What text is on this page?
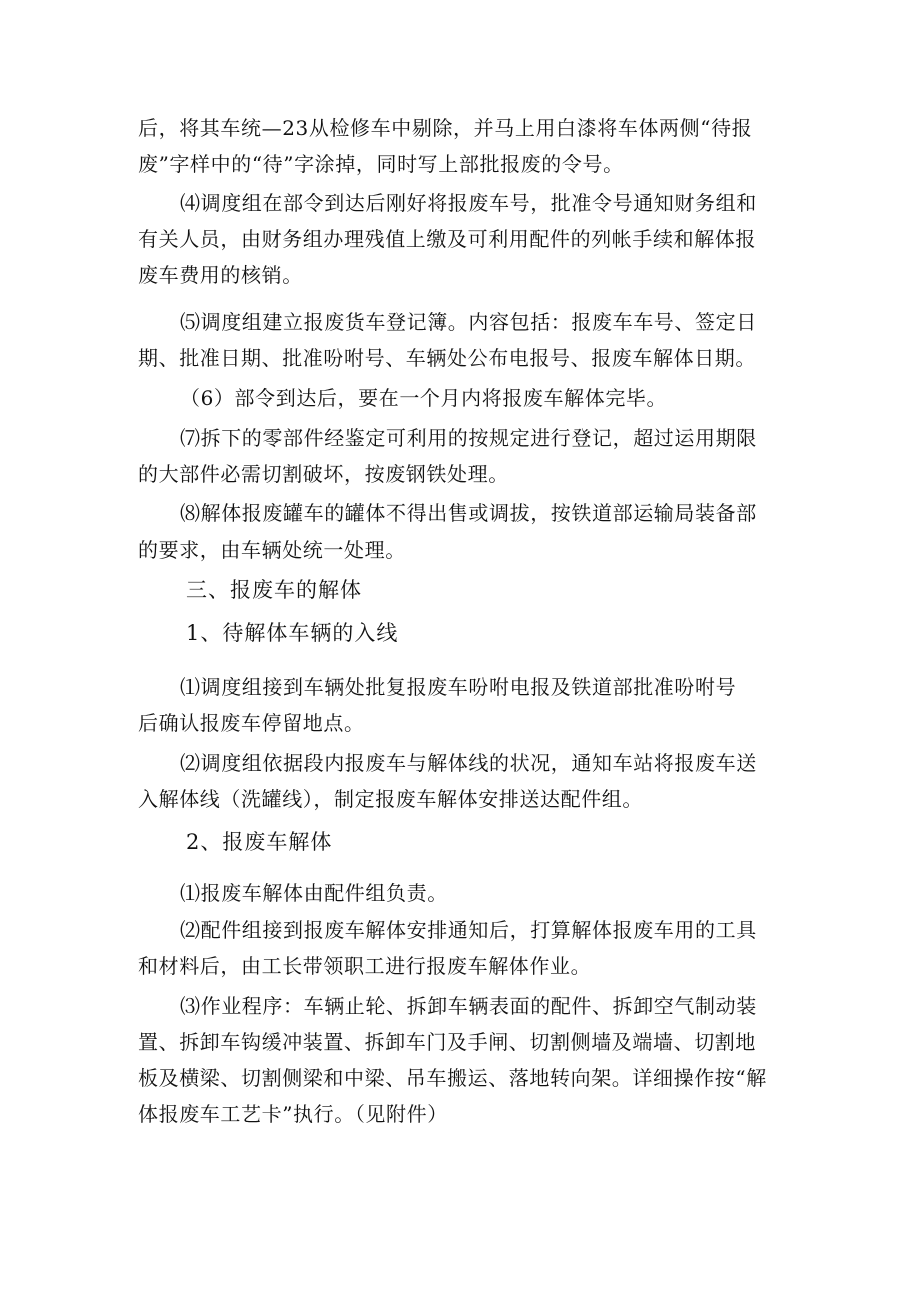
后，将其车统—23从检修车中剔除，并马上用白漆将车体两侧“待报
废”字样中的“待”字涂掉，同时写上部批报废的令号。
⑷调度组在部令到达后刚好将报废车号，批准令号通知财务组和
有关人员，由财务组办理残值上缴及可利用配件的列帐手续和解体报
废车费用的核销。
⑸调度组建立报废货车登记簿。内容包括：报废车车号、签定日
期、批准日期、批准吩咐号、车辆处公布电报号、报废车解体日期。
（6）部令到达后，要在一个月内将报废车解体完毕。
⑺拆下的零部件经鉴定可利用的按规定进行登记，超过运用期限
的大部件必需切割破坏，按废钢铁处理。
⑻解体报废罐车的罐体不得出售或调拔，按铁道部运输局装备部
的要求，由车辆处统一处理。
三、报废车的解体
1、待解体车辆的入线
⑴调度组接到车辆处批复报废车吩咐电报及铁道部批准吩咐号
后确认报废车停留地点。
⑵调度组依据段内报废车与解体线的状况，通知车站将报废车送
入解体线（洗罐线），制定报废车解体安排送达配件组。
2、报废车解体
⑴报废车解体由配件组负责。
⑵配件组接到报废车解体安排通知后，打算解体报废车用的工具
和材料后，由工长带领职工进行报废车解体作业。
⑶作业程序：车辆止轮、拆卸车辆表面的配件、拆卸空气制动装
置、拆卸车钩缓冲装置、拆卸车门及手闸、切割侧墙及端墙、切割地
板及横梁、切割侧梁和中梁、吊车搬运、落地转向架。详细操作按“解
体报废车工艺卡”执行。（见附件）
